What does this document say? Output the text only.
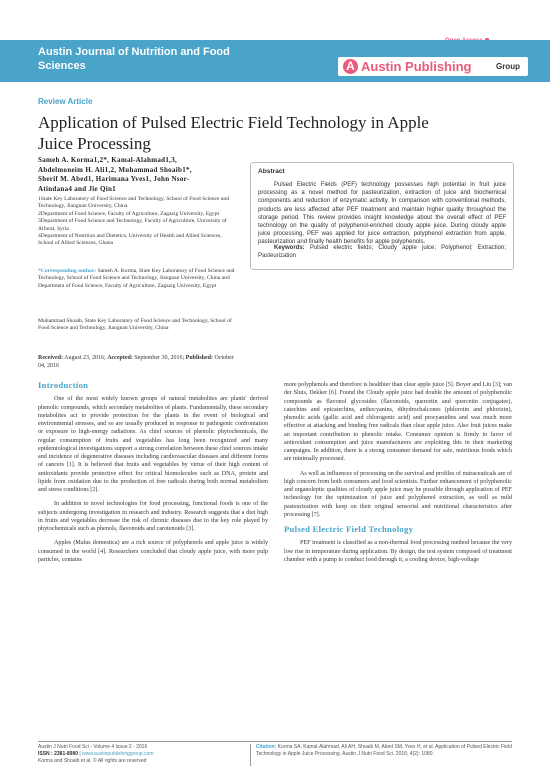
Austin Journal of Nutrition and Food
Sciences	A Austin Publishing	Group
Review Article
Application of Pulsed Electric Field Technology in Apple
Juice Processing
Sameh A. Korma1,2*, Kamal-Alahmad1,3,
Abdelmoneim H. Ali1,2, Muhammad Shoaib1*,
Sherif M. Abed1, Harimana Yves1, John Nsor-
Atindana4 and Jie Qin1
1State Key Laboratory of Food Science and Technology, School of Food Science and Technology, Jiangnan University, China
2Department of Food Science, Faculty of Agriculture, Zagazig University, Egypt
3Department of Food Science and Technology, Faculty of Agriculture, University of Alfurat, Syria
4Department of Nutrition and Dietetics, University of Health and Allied Sciences, School of Allied Sciences, Ghana
*Corresponding author: Sameh A. Korma, State Key Laboratory of Food Science and Technology, School of Food Science and Technology, Jiangnan University, China and Department of Food Science, Faculty of Agriculture, Zagazig University, Egypt
Muhammad Shoaib, State Key Laboratory of Food Science and Technology, School of Food Science and Technology, Jiangnan University, China
Received: August 23, 2016; Accepted: September 30, 2016; Published: October 04, 2016
Abstract
Pulsed Electric Fields (PEF) technology possesses high potential in fruit juice processing as a novel method for pasteurization, extraction of juice and biochemical components and reduction of enzymatic activity. In comparison with conventional methods, products are less affected after PEF treatment and maintain higher quality throughout the storage period. This review provides insight knowledge about the overall effect of PEF technology on the quality of polyphenol-enriched cloudy apple juice. During cloudy apple juice processing, PEF was applied for juice extraction, polyphenol extraction from apple, pasteurization and finally health benefits for apple polyphenols.
Keywords: Pulsed electric fields; Cloudy apple juice; Polyphenol; Extraction; Pasteurization
Introduction

One of the most widely known groups of natural metabolites are plants' derived phenolic compounds, which secondary metabolites of plants. Fundamentally, these secondary metabolites act to provide protection for the plants in the event of biological and environmental stresses, and so are usually produced in response to pathogenic confrontation or exposure to high-energy radiations. As chief sources of phenolic phytochemicals, the regular consumption of fruits and vegetables has long been recognized and many epidemiological investigations support a strong correlation between these chief sources intake and incidence of degenerative diseases including cardiovascular diseases and different forms of cancers [1]. It is believed that fruits and vegetables by virtue of their high content of antioxidants provide protective effect for critical biomolecules such as DNA, protein and lipids from oxidation due to the production of free radicals during both normal metabolism and stress conditions [2].

In addition to novel technologies for food processing, functional foods is one of the subjects undergoing investigation in research and industry. Research suggests that a diet high in fruits and vegetables decrease the risk of chronic diseases due to the key role played by phytochemicals such as phenols, flavonoids and carotenoids [3].

Apples (Malus domestica) are a rich source of polyphenols and apple juice is widely consumed in the world [4]. Researchers concluded that cloudy apple juice, with more pulp particles, contains

more polyphenols and therefore is healthier than clear apple juice [5]. Boyer and Liu [3]; van der Sluis, Dekker [6]. Found the Cloudy apple juice had double the amount of polyphenolic compounds as flavonol glycosides (flavonoids, quercetin and quercetin conjugates), catechins and epicatechins, anthocyanins, dihydrochalcones (phlorotin and phlorizin), phenolic acids (gallic acid and chlorogenic acid) and procyanidins and was much more effective at attacking and binding free radicals than clear apple juice. Also fruit juices make an important contribution to phenolic intake. Consumer opinion is firmly in favor of antioxidant consumption and juice manufacturers are exploiting this in their marketing campaigns. In addition, there is a strong consumer demand for safe, nutritious foods which are minimally processed.

As well as influences of processing on the survival and profiles of nutraceuticals are of high concern from both consumers and food scientists. Further enhancement of polyphenolic and organoleptic qualities of cloudy apple juice may be possible through application of PEF technology for the optimization of juice and polyphenol extraction, as well as mild pasteurization with keep on their original sensorial and nutritional characteristics after processing [7].

Pulsed Electric Field Technology

PEF treatment is classified as a non-thermal food processing method because the very low rise in temperature during application. By design, the test system composed of treatment chamber with a pump to conduct food through it, a cooling device, high-voltage

Austin J Nutri Food Sci - Volume 4 Issue 2 - 2016
ISSN : 2381-8980 | www.austinpublishinggroup.com
Korma and Shoaib et al. © All rights are reserved
Citation: Korma SA, Kamal-Alahmad, Ali AH, Shoaib M, Abed SM, Yves H, et al. Application of Pulsed Electric Field Technology in Apple Juice Processing. Austin J Nutri Food Sci. 2016; 4(2): 1080.
